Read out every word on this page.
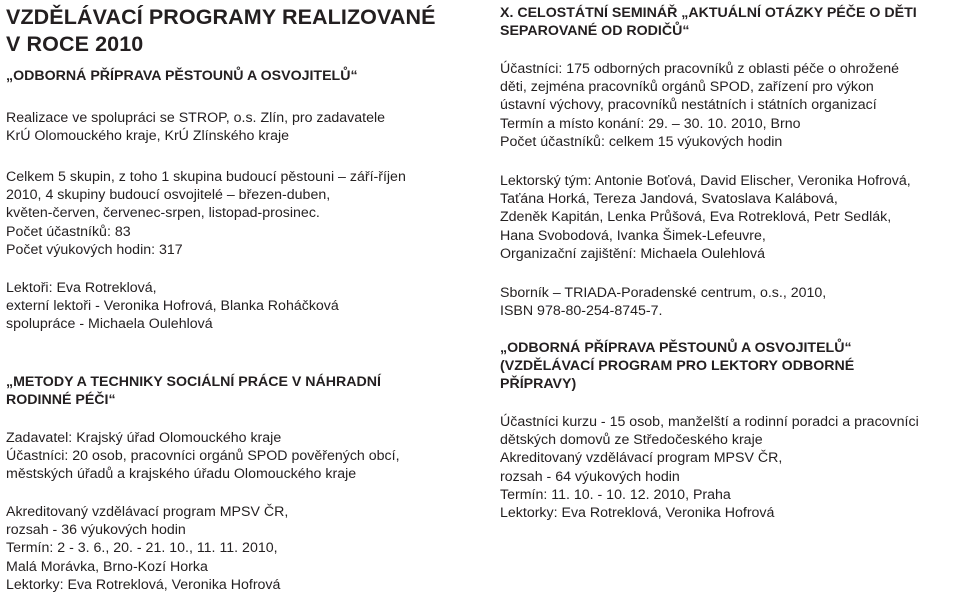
VZDĚLÁVACÍ PROGRAMY REALIZOVANÉ
V ROCE 2010
„ODBORNÁ PŘÍPRAVA PĚSTOUNŮ A OSVOJITELŮ“

Realizace ve spolupráci se STROP, o.s. Zlín, pro zadavatele
KrÚ Olomouckého kraje, KrÚ Zlínského kraje

Celkem 5 skupin, z toho 1 skupina budoucí pěstouni – září-říjen
2010, 4 skupiny budoucí osvojitelé – březen-duben,
květen-červen, červenec-srpen, listopad-prosinec.
Počet účastníků: 83
Počet výukových hodin: 317

Lektoři: Eva Rotreklová,
externí lektoři - Veronika Hofrová, Blanka Roháčková
spolupráce - Michaela Oulehlová

„METODY A TECHNIKY SOCIÁLNÍ PRÁCE V NÁHRADNÍ
RODINNÉ PÉČI“

Zadavatel: Krajský úřad Olomouckého kraje
Účastníci: 20 osob, pracovníci orgánů SPOD pověřených obcí,
městských úřadů a krajského úřadu Olomouckého kraje

Akreditovaný vzdělávací program MPSV ČR,
rozsah - 36 výukových hodin
Termín: 2 - 3. 6., 20. - 21. 10., 11. 11. 2010,
Malá Morávka, Brno-Kozí Horka
Lektorky: Eva Rotreklová, Veronika Hofrová

X. CELOSTÁTNÍ SEMINÁŘ „AKTUÁLNÍ OTÁZKY PÉČE O DĚTI
SEPAROVANÉ OD RODIČŮ“

Účastníci: 175 odborných pracovníků z oblasti péče o ohrožené
děti, zejména pracovníků orgánů SPOD, zařízení pro výkon
ústavní výchovy, pracovníků nestátních i státních organizací
Termín a místo konání: 29. – 30. 10. 2010, Brno
Počet účastníků: celkem 15 výukových hodin

Lektorský tým: Antonie Boťová, David Elischer, Veronika Hofrová,
Taťána Horká, Tereza Jandová, Svatoslava Kalábová,
Zdeněk Kapitán, Lenka Průšová, Eva Rotreklová, Petr Sedlák,
Hana Svobodová, Ivanka Šimek-Lefeuvre,
Organizační zajištění: Michaela Oulehlová

Sborník – TRIADA-Poradenské centrum, o.s., 2010,
ISBN 978-80-254-8745-7.

„ODBORNÁ PŘÍPRAVA PĚSTOUNŮ A OSVOJITELŮ“
(VZDĚLÁVACÍ PROGRAM PRO LEKTORY ODBORNÉ
PŘÍPRAVY)

Účastníci kurzu - 15 osob, manželští a rodinní poradci a pracovníci
dětských domovů ze Středočeského kraje
Akreditovaný vzdělávací program MPSV ČR,
rozsah - 64 výukových hodin
Termín: 11. 10. - 10. 12. 2010, Praha
Lektorky: Eva Rotreklová, Veronika Hofrová
